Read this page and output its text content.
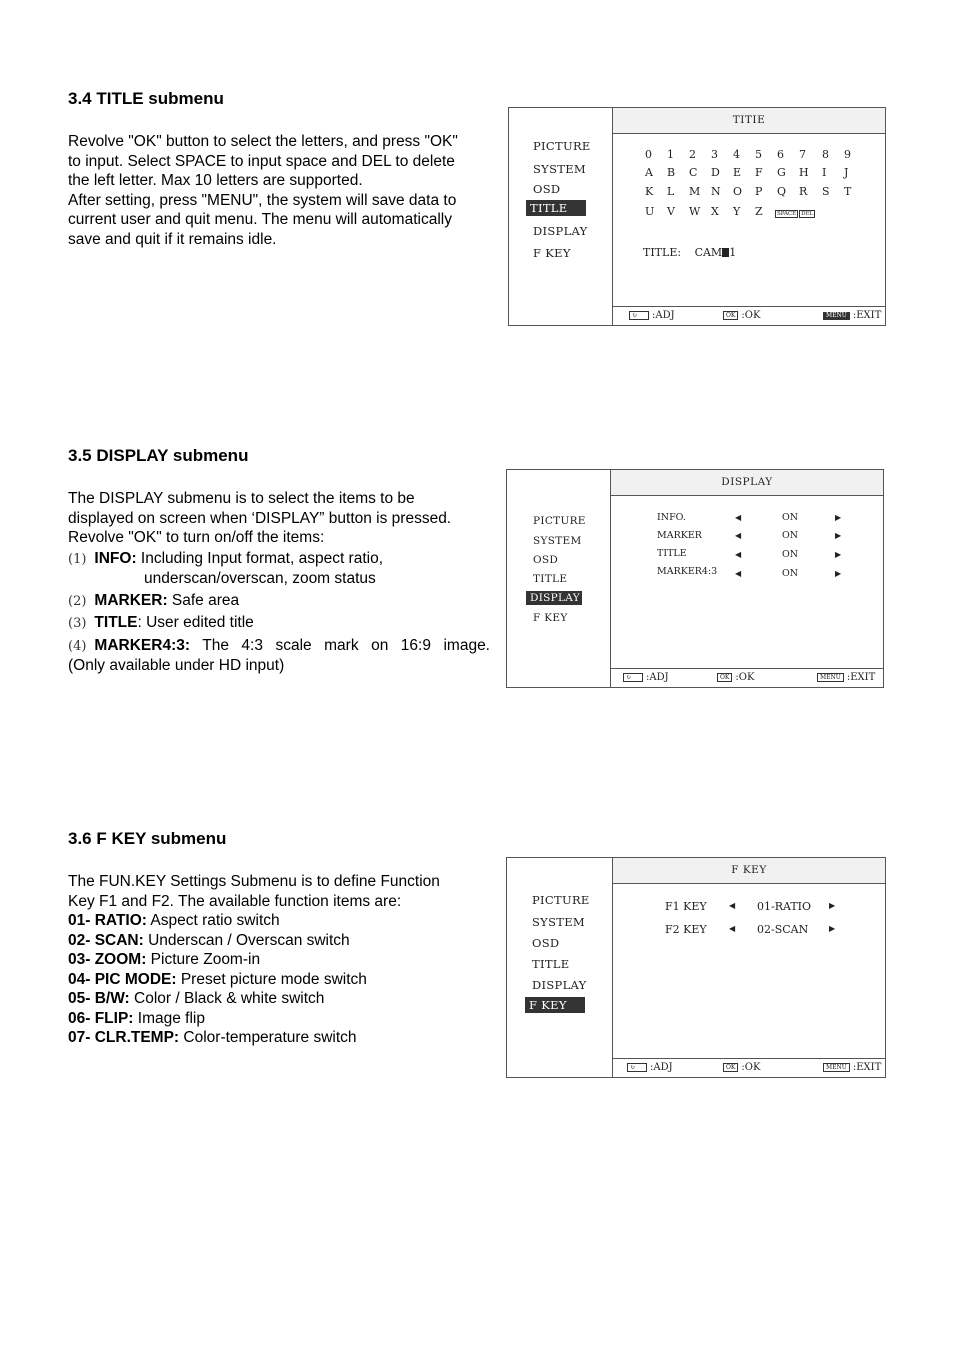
3.4 TITLE submenu
Revolve "OK" button to select the letters, and press "OK"
to input. Select SPACE to input space and DEL to delete
the left letter. Max 10 letters are supported.
After setting, press "MENU", the system will save data to
current user and quit menu. The menu will automatically
save and quit if it remains idle.
PICTURE
SYSTEM
OSD
TITLE
DISPLAY
F KEY
TITIE
0 1 2 3 4 5 6 7 8 9
A B C D E F G H I J
K L M N O P Q R S T
U V W X Y Z	SPACE DEL
TITLE: CAM 1
↻ :ADJ	OK :OK	MENU :EXIT
3.5 DISPLAY submenu
The DISPLAY submenu is to select the items to be
displayed on screen when ‘DISPLAY” button is pressed.
Revolve "OK" to turn on/off the items:
(1) INFO: Including Input format, aspect ratio,
underscan/overscan, zoom status
(2) MARKER: Safe area
(3) TITLE: User edited title
(4) MARKER4:3: The 4:3 scale mark on 16:9 image.
(Only available under HD input)
PICTURE
SYSTEM
OSD
TITLE
DISPLAY
F KEY
DISPLAY
INFO.	◀	ON	▶
MARKER	◀	ON	▶
TITLE	◀	ON	▶
MARKER4:3 ◀	ON	▶
↻ :ADJ	OK :OK	MENU :EXIT
3.6 F KEY submenu
The FUN.KEY Settings Submenu is to define Function
Key F1 and F2. The available function items are:
01- RATIO: Aspect ratio switch
02- SCAN: Underscan / Overscan switch
03- ZOOM: Picture Zoom-in
04- PIC MODE: Preset picture mode switch
05- B/W: Color / Black & white switch
06- FLIP: Image flip
07- CLR.TEMP: Color-temperature switch
PICTURE
SYSTEM
OSD
TITLE
DISPLAY
F KEY
F KEY
F1 KEY	◀ 01-RATIO ▶
F2 KEY	◀ 02-SCAN	▶
↻ :ADJ	OK :OK	MENU :EXIT
